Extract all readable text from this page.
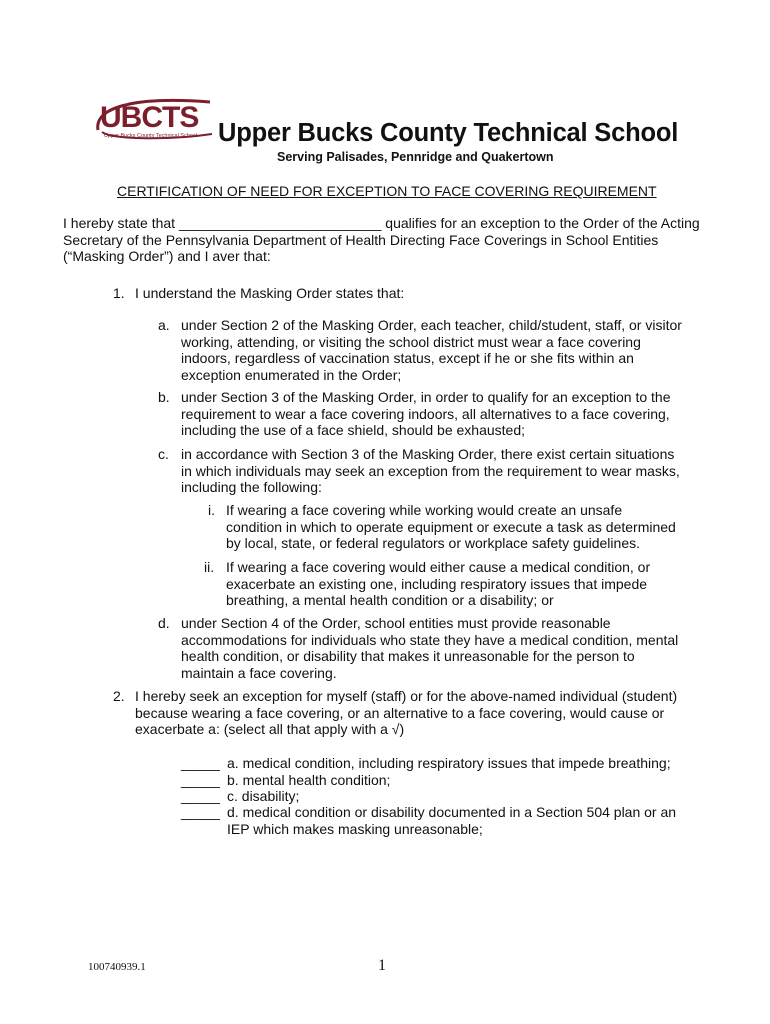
UBCTS
Upper Bucks County Technical School Upper Bucks County Technical School
Serving Palisades, Pennridge and Quakertown
CERTIFICATION OF NEED FOR EXCEPTION TO FACE COVERING REQUIREMENT
I hereby state that __________________________ qualifies for an exception to the Order of the Acting Secretary of the Pennsylvania Department of Health Directing Face Coverings in School Entities (“Masking Order”) and I aver that:
1. I understand the Masking Order states that:
a. under Section 2 of the Masking Order, each teacher, child/student, staff, or visitor working, attending, or visiting the school district must wear a face covering indoors, regardless of vaccination status, except if he or she fits within an exception enumerated in the Order;
b. under Section 3 of the Masking Order, in order to qualify for an exception to the requirement to wear a face covering indoors, all alternatives to a face covering, including the use of a face shield, should be exhausted;
c. in accordance with Section 3 of the Masking Order, there exist certain situations in which individuals may seek an exception from the requirement to wear masks, including the following:
i. If wearing a face covering while working would create an unsafe condition in which to operate equipment or execute a task as determined by local, state, or federal regulators or workplace safety guidelines.
ii. If wearing a face covering would either cause a medical condition, or exacerbate an existing one, including respiratory issues that impede breathing, a mental health condition or a disability; or
d. under Section 4 of the Order, school entities must provide reasonable accommodations for individuals who state they have a medical condition, mental health condition, or disability that makes it unreasonable for the person to maintain a face covering.
2. I hereby seek an exception for myself (staff) or for the above-named individual (student) because wearing a face covering, or an alternative to a face covering, would cause or exacerbate a: (select all that apply with a √)
_____ a. medical condition, including respiratory issues that impede breathing;
_____ b. mental health condition;
_____ c. disability;
_____ d. medical condition or disability documented in a Section 504 plan or an IEP which makes masking unreasonable;
100740939.1	1
